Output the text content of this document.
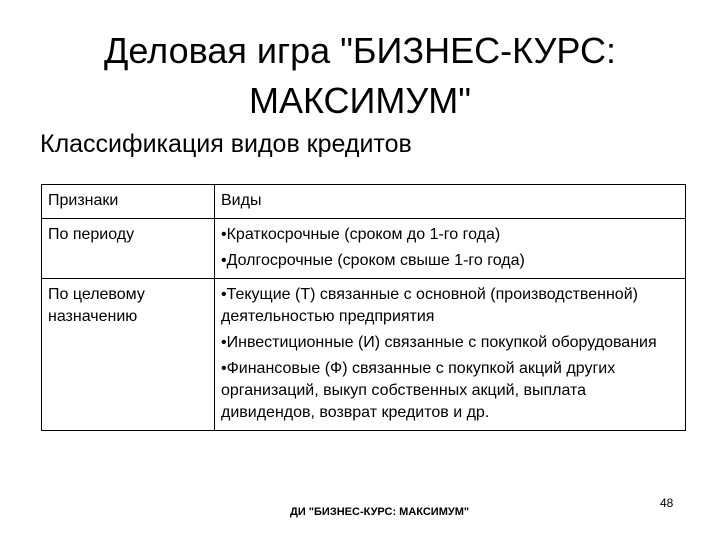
Деловая игра "БИЗНЕС-КУРС:
МАКСИМУМ"

Классификация видов кредитов

Признаки	Виды
По периоду	•Краткосрочные (сроком до 1-го года)
•Долгосрочные (сроком свыше 1-го года)

По целевому назначению	•Текущие (Т) связанные с основной (производственной) деятельностью предприятия
•Инвестиционные (И) связанные с покупкой оборудования
•Финансовые (Ф) связанные с покупкой акций других организаций, выкуп собственных акций, выплата дивидендов, возврат кредитов и др.

ДИ "БИЗНЕС-КУРС: МАКСИМУМ"

48
